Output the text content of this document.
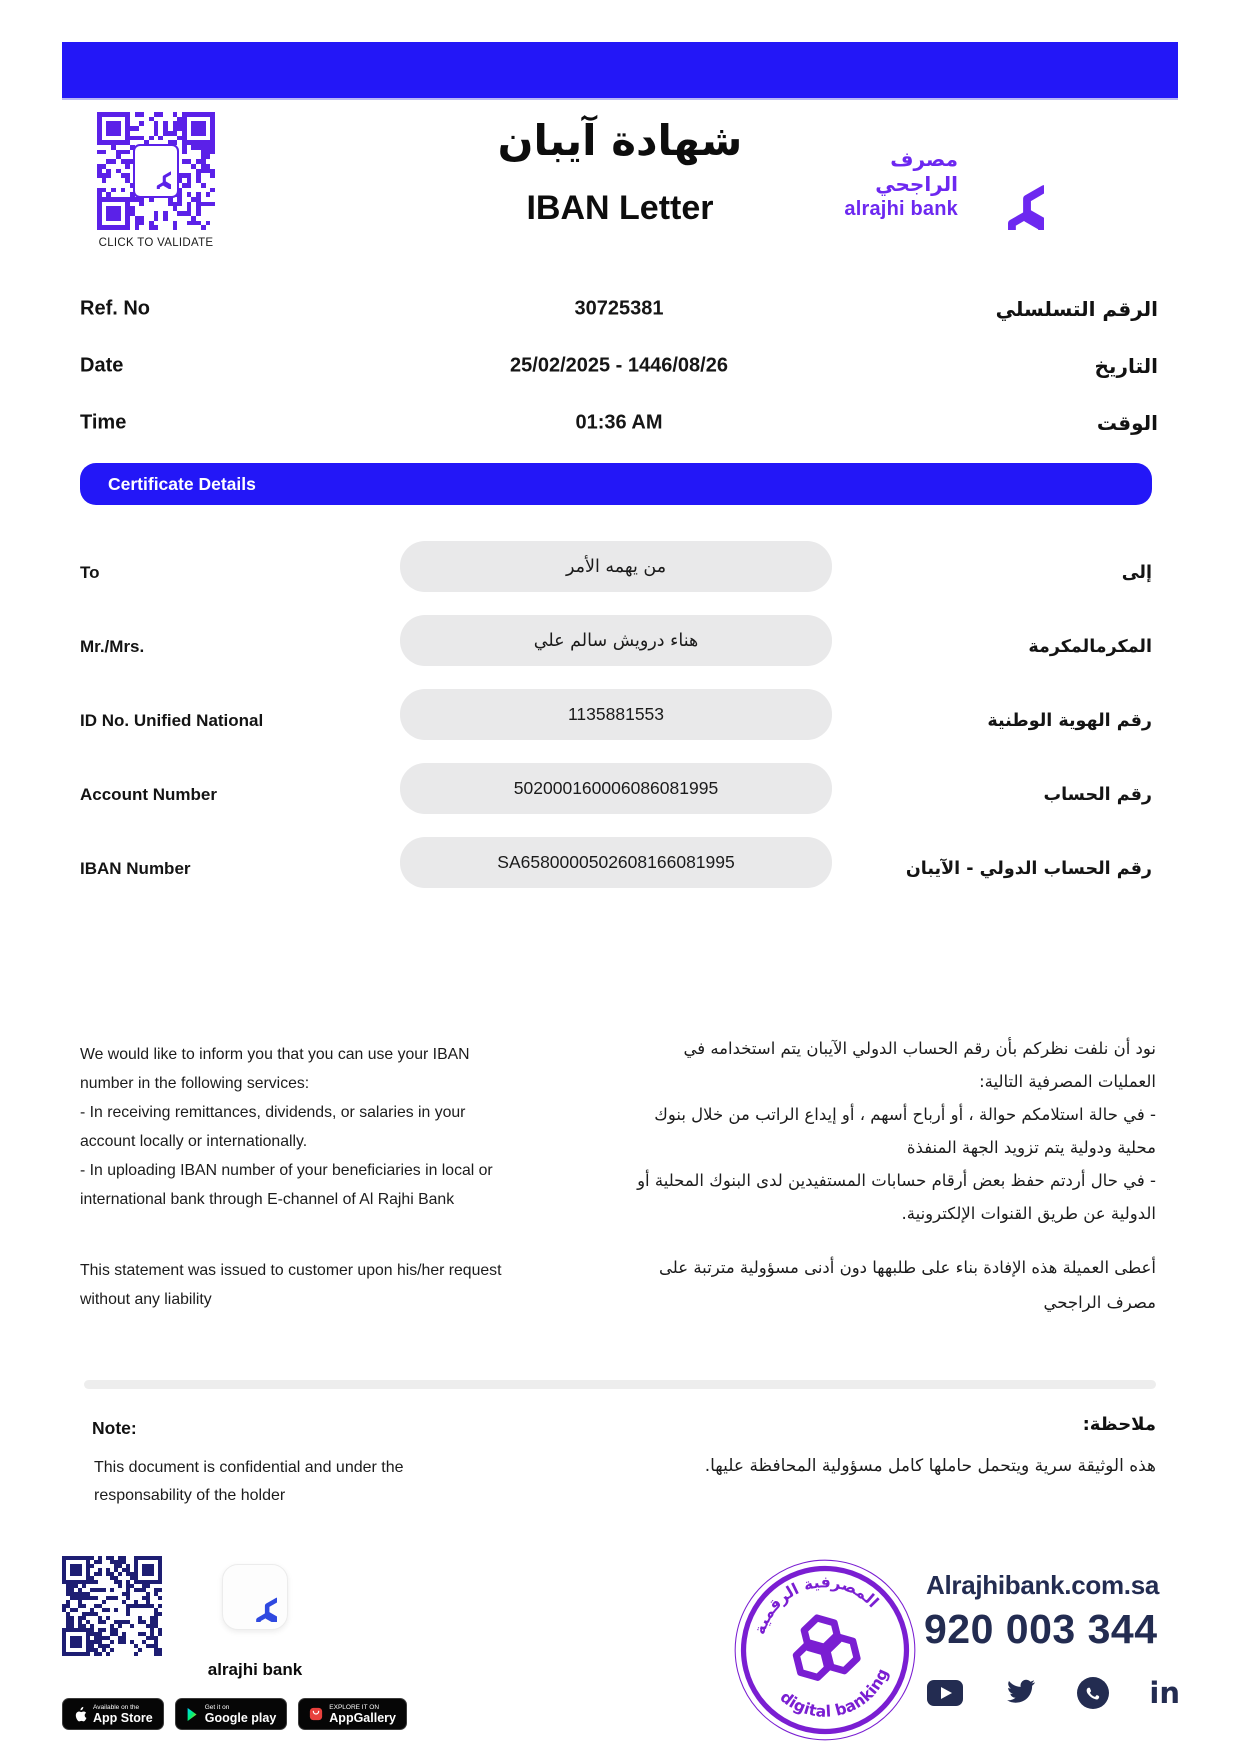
CLICK TO VALIDATE
شهادة آيبان
IBAN Letter
مصرف الراجحي
alrajhi bank
Ref. No	30725381	الرقم التسلسلي
Date	25/02/2025 - 1446/08/26	التاريخ
Time	01:36 AM	الوقت
Certificate Details
To	من يهمه الأمر	إلى
Mr./Mrs.	هناء درويش سالم علي	المكرمالمكرمة
ID No. Unified National	1135881553	رقم الهوية الوطنية
Account Number	502000160006086081995	رقم الحساب
IBAN Number	SA6580000502608166081995	رقم الحساب الدولي - الآيبان
We would like to inform you that you can use your IBAN number in the following services:
- In receiving remittances, dividends, or salaries in your account locally or internationally.
- In uploading IBAN number of your beneficiaries in local or international bank through E-channel of Al Rajhi Bank
نود أن نلفت نظركم بأن رقم الحساب الدولي الآيبان يتم استخدامه في العمليات المصرفية التالية:
- في حالة استلامكم حوالة ، أو أرباح أسهم ، أو إيداع الراتب من خلال بنوك محلية ودولية يتم تزويد الجهة المنفذة
- في حال أردتم حفظ بعض أرقام حسابات المستفيدين لدى البنوك المحلية أو الدولية عن طريق القنوات الإلكترونية.
This statement was issued to customer upon his/her request without any liability
أعطى العميلة هذه الإفادة بناء على طلبهها دون أدنى مسؤولية مترتبة على مصرف الراجحي
Note:	ملاحظة:
This document is confidential and under the responsability of the holder
هذه الوثيقة سرية ويتحمل حاملها كامل مسؤولية المحافظة عليها.
alrajhi bank
Available on the
App Store
Get it on
Google play
EXPLORE IT ON
AppGallery
المصرفية الرقمية
digital banking
Alrajhibank.com.sa
920 003 344
in
